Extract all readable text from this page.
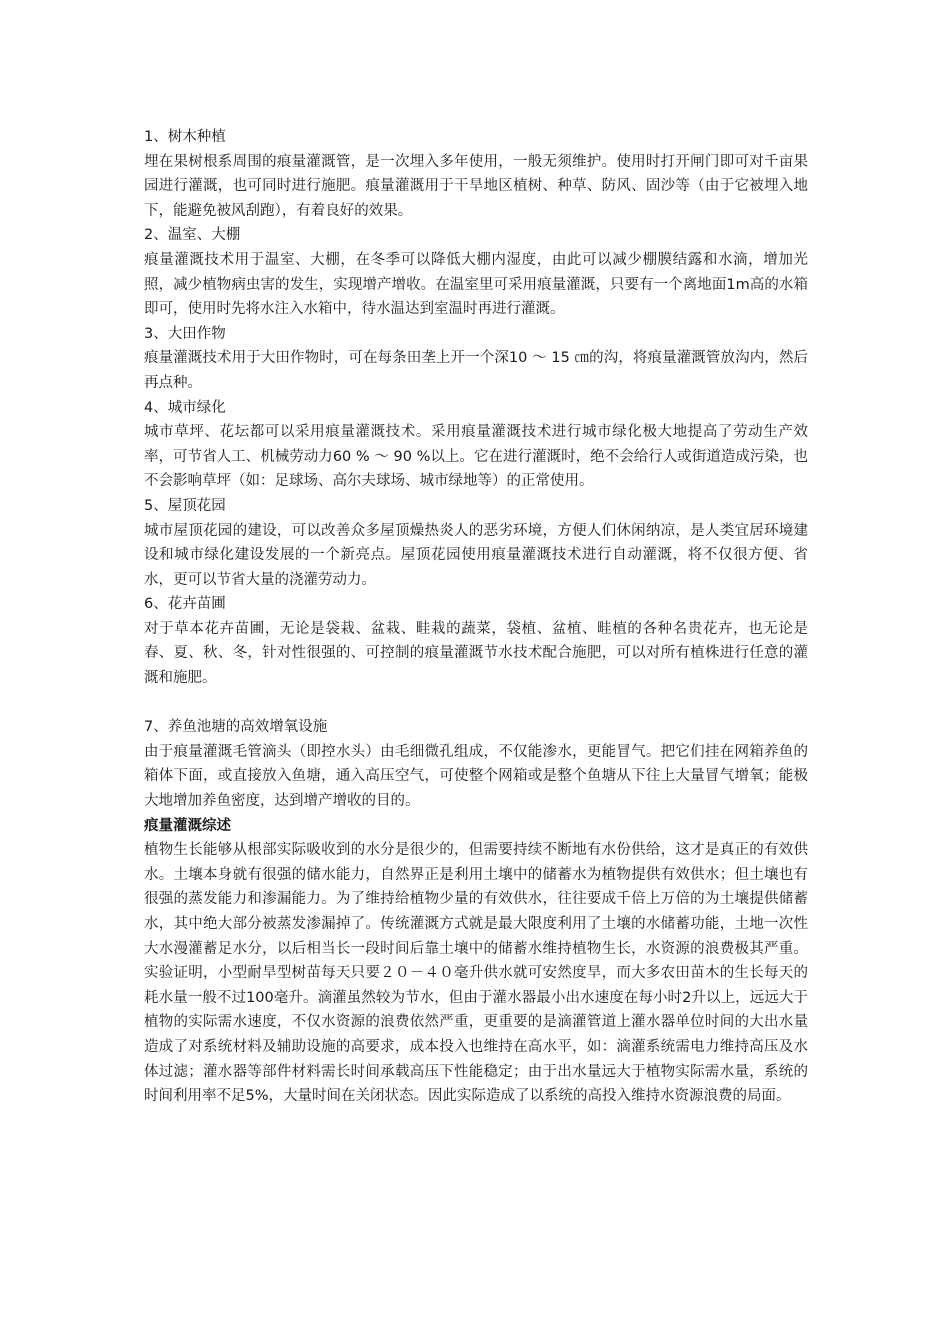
1、树木种植

埋在果树根系周围的痕量灌溉管，是一次埋入多年使用，一般无须维护。使用时打开闸门即可对千亩果园进行灌溉，也可同时进行施肥。痕量灌溉用于干旱地区植树、种草、防风、固沙等（由于它被埋入地下，能避免被风刮跑），有着良好的效果。

2、温室、大棚

痕量灌溉技术用于温室、大棚，在冬季可以降低大棚内湿度，由此可以减少棚膜结露和水滴，增加光照，减少植物病虫害的发生，实现增产增收。在温室里可采用痕量灌溉，只要有一个离地面1m高的水箱即可，使用时先将水注入水箱中，待水温达到室温时再进行灌溉。

3、大田作物

痕量灌溉技术用于大田作物时，可在每条田垄上开一个深10 ～ 15 ㎝的沟，将痕量灌溉管放沟内，然后再点种。

4、城市绿化

城市草坪、花坛都可以采用痕量灌溉技术。采用痕量灌溉技术进行城市绿化极大地提高了劳动生产效率，可节省人工、机械劳动力60 % ～ 90 %以上。它在进行灌溉时，绝不会给行人或街道造成污染，也不会影响草坪（如：足球场、高尔夫球场、城市绿地等）的正常使用。

5、屋顶花园

城市屋顶花园的建设，可以改善众多屋顶燥热炎人的恶劣环境，方便人们休闲纳凉，是人类宜居环境建设和城市绿化建设发展的一个新亮点。屋顶花园使用痕量灌溉技术进行自动灌溉，将不仅很方便、省水，更可以节省大量的浇灌劳动力。

6、花卉苗圃

对于草本花卉苗圃，无论是袋栽、盆栽、畦栽的蔬菜，袋植、盆植、畦植的各种名贵花卉，也无论是春、夏、秋、冬，针对性很强的、可控制的痕量灌溉节水技术配合施肥，可以对所有植株进行任意的灌溉和施肥。

7、养鱼池塘的高效增氧设施

由于痕量灌溉毛管滴头（即控水头）由毛细微孔组成，不仅能渗水，更能冒气。把它们挂在网箱养鱼的箱体下面，或直接放入鱼塘，通入高压空气，可使整个网箱或是整个鱼塘从下往上大量冒气增氧；能极大地增加养鱼密度，达到增产增收的目的。

痕量灌溉综述

植物生长能够从根部实际吸收到的水分是很少的，但需要持续不断地有水份供给，这才是真正的有效供水。土壤本身就有很强的储水能力，自然界正是利用土壤中的储蓄水为植物提供有效供水；但土壤也有很强的蒸发能力和渗漏能力。为了维持给植物少量的有效供水，往往要成千倍上万倍的为土壤提供储蓄水，其中绝大部分被蒸发渗漏掉了。传统灌溉方式就是最大限度利用了土壤的水储蓄功能，土地一次性大水漫灌蓄足水分，以后相当长一段时间后靠土壤中的储蓄水维持植物生长，水资源的浪费极其严重。实验证明，小型耐旱型树苗每天只要２０－４０毫升供水就可安然度旱，而大多农田苗木的生长每天的耗水量一般不过100毫升。滴灌虽然较为节水，但由于灌水器最小出水速度在每小时2升以上，远远大于植物的实际需水速度，不仅水资源的浪费依然严重，更重要的是滴灌管道上灌水器单位时间的大出水量造成了对系统材料及辅助设施的高要求，成本投入也维持在高水平，如：滴灌系统需电力维持高压及水体过滤；灌水器等部件材料需长时间承载高压下性能稳定；由于出水量远大于植物实际需水量，系统的时间利用率不足5%，大量时间在关闭状态。因此实际造成了以系统的高投入维持水资源浪费的局面。
